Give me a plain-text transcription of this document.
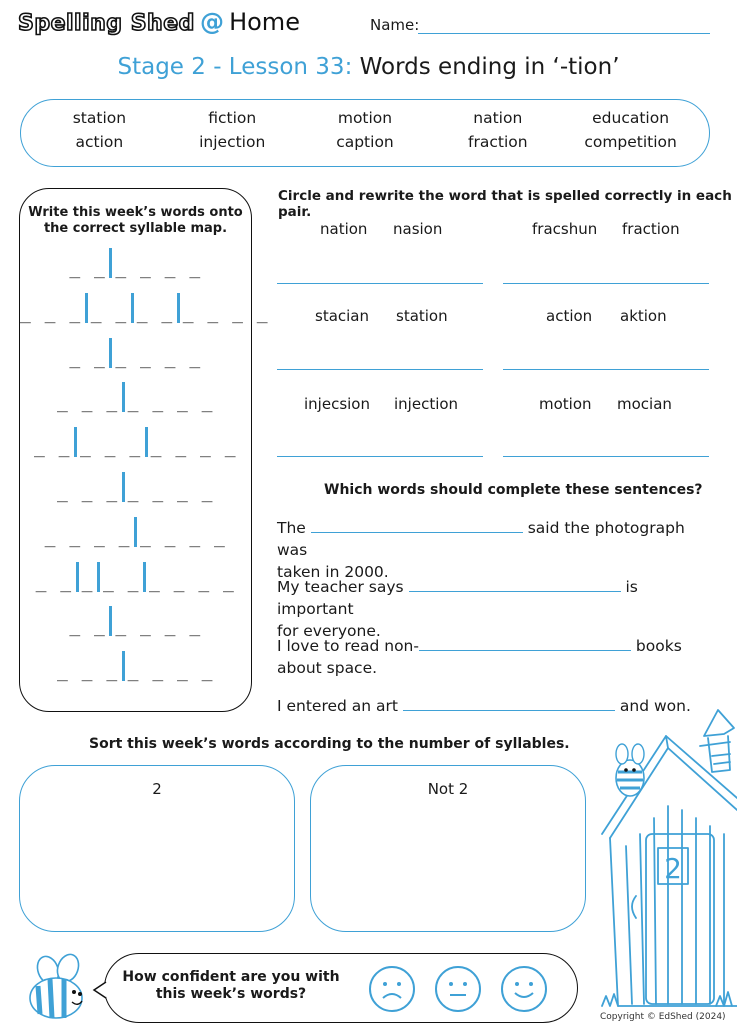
Spelling Shed @ Home	Name:
Stage 2 - Lesson 33: Words ending in ‘-tion’
station	fiction	motion	nation	education
action	injection	caption	fraction	competition
Write this week’s words onto
the correct syllable map.
_ _ _ _ _ _
_ _ _ _ _ _ _ _ _ _ _
_ _ _ _ _ _
_ _ _ _ _ _ _
_ _ _ _ _ _ _ _ _
_ _ _ _ _ _ _
_ _ _ _ _ _ _ _
_ _ _ _ _ _ _ _ _
_ _ _ _ _ _
_ _ _ _ _ _ _
Circle and rewrite the word that is spelled correctly in each pair.
nation nasion	fracshun fraction
stacian station	action aktion
injecsion injection	motion mocian
Which words should complete these sentences?
The	said the photograph was
taken in 2000.
My teacher says	is important
for everyone.
I love to read non-	books
about space.
I entered an art	and won.
Sort this week’s words according to the number of syllables.
2	Not 2
2
How confident are you with
this week’s words?
Copyright © EdShed (2024)
